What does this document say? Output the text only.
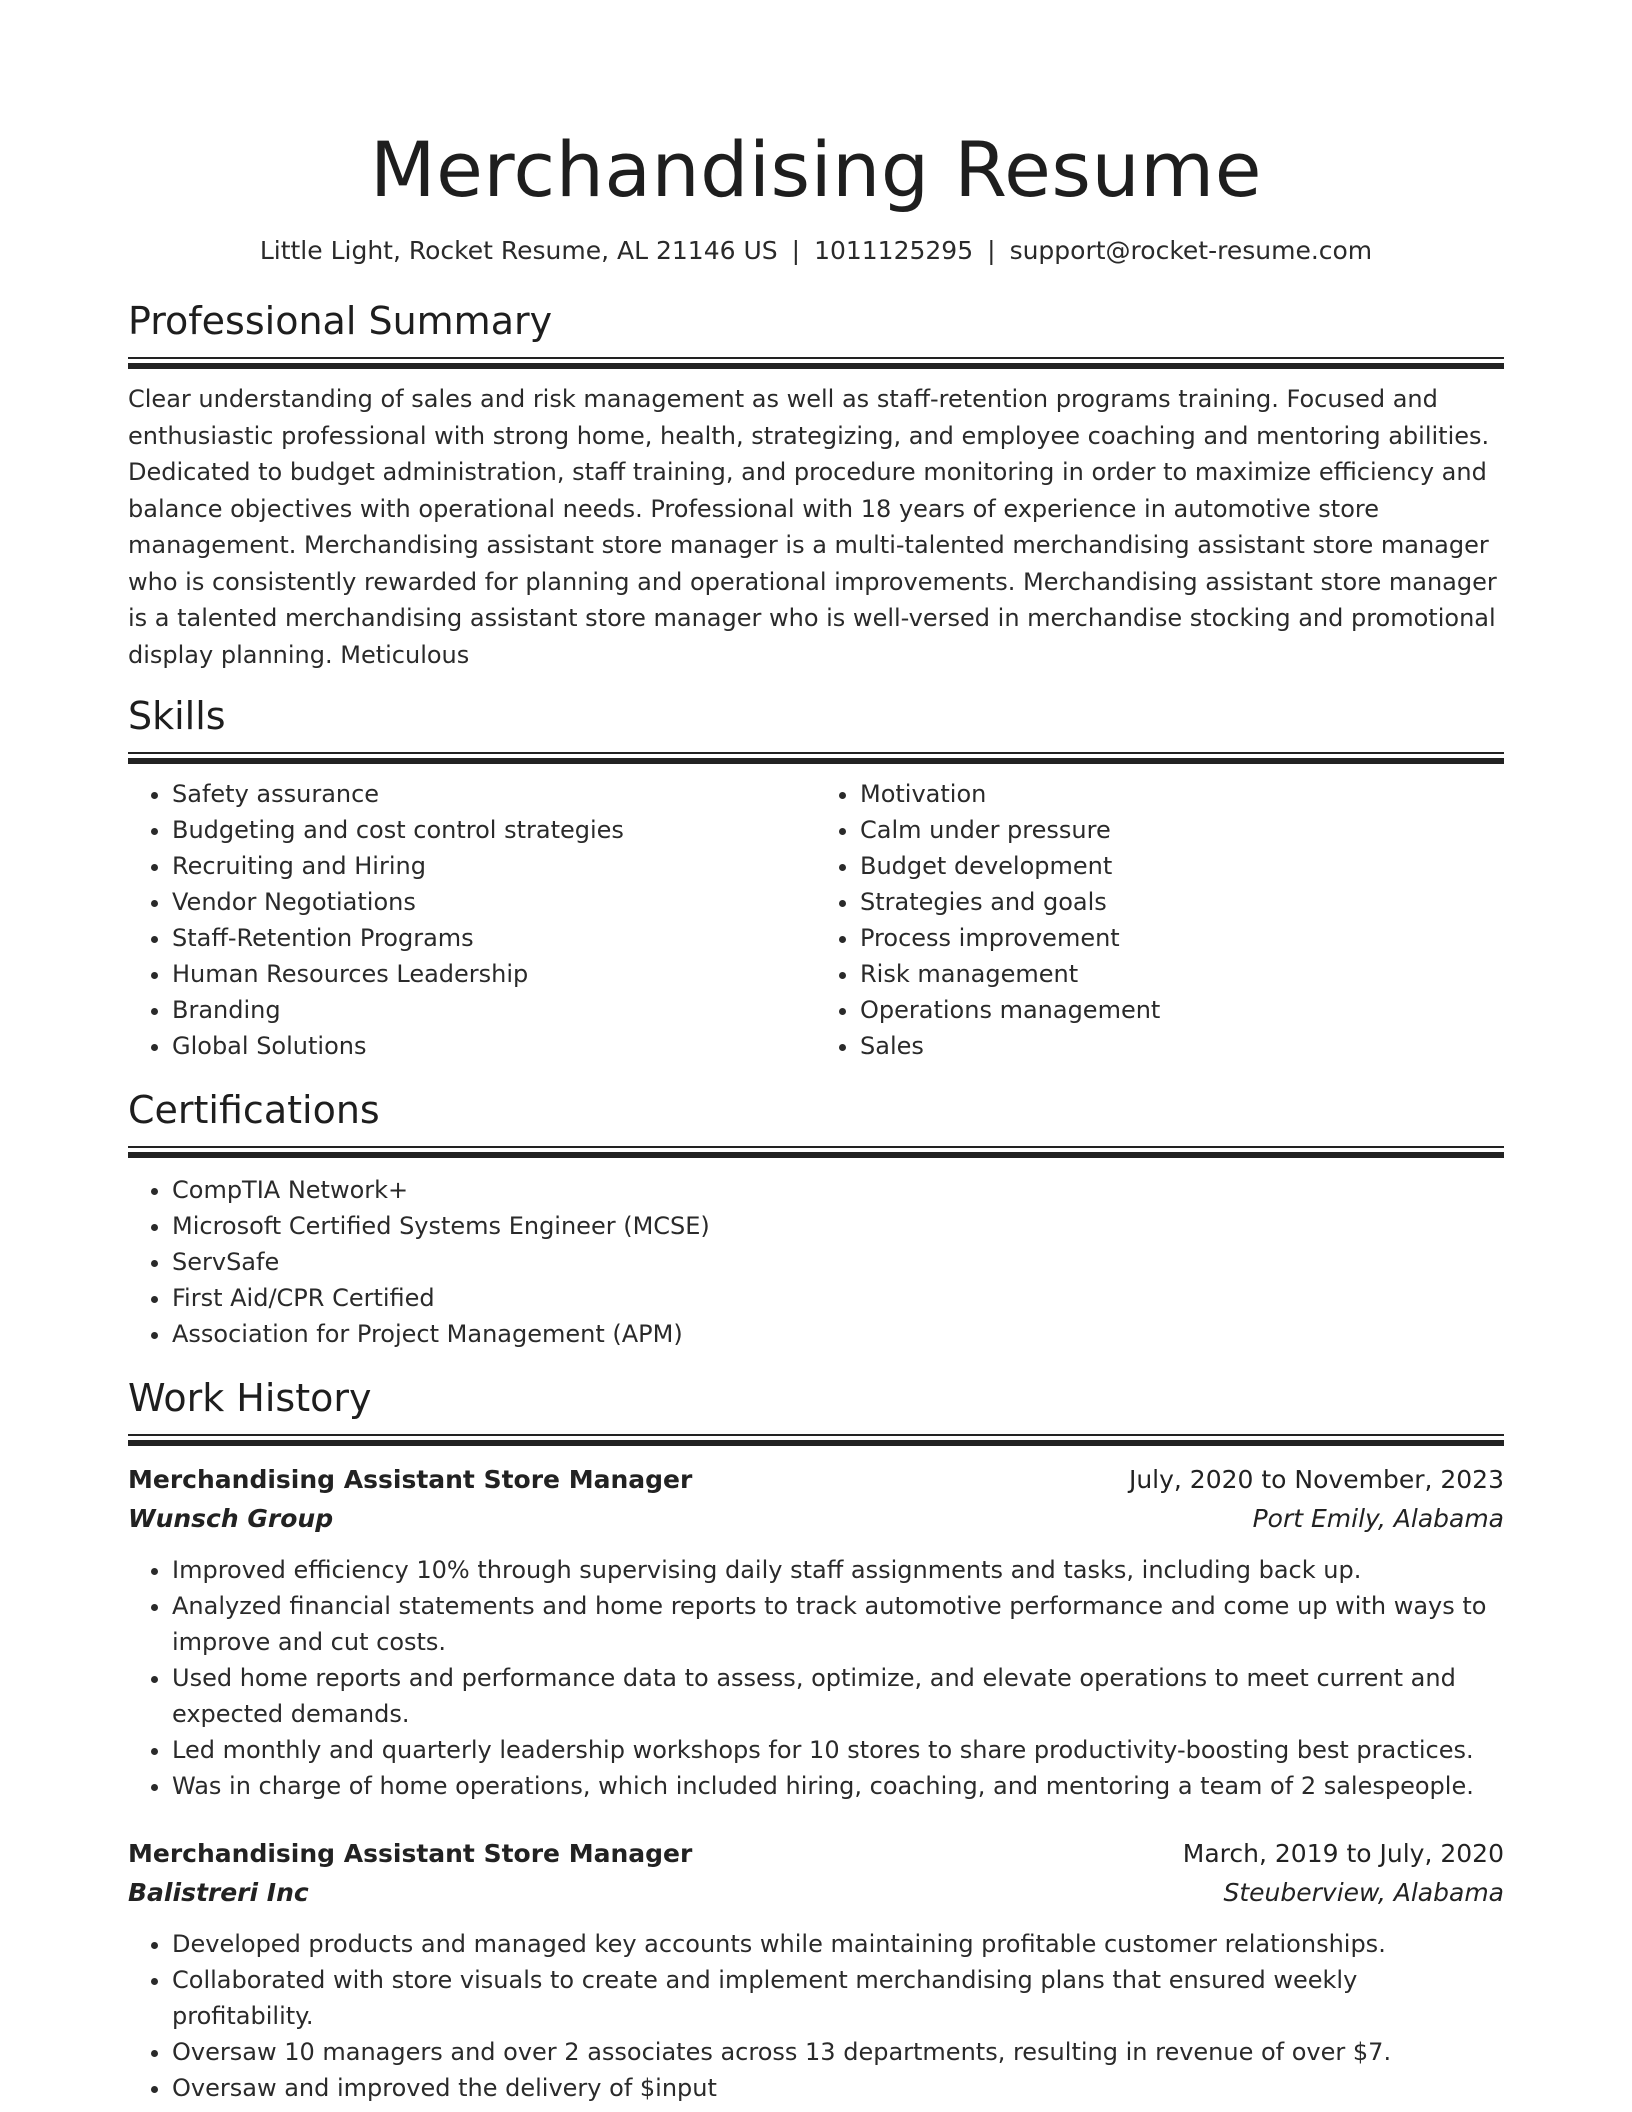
Merchandising Resume
Little Light, Rocket Resume, AL 21146 US | 1011125295 | support@rocket-resume.com
Professional Summary
Clear understanding of sales and risk management as well as staff-retention programs training. Focused and enthusiastic professional with strong home, health, strategizing, and employee coaching and mentoring abilities. Dedicated to budget administration, staff training, and procedure monitoring in order to maximize efficiency and balance objectives with operational needs. Professional with 18 years of experience in automotive store management. Merchandising assistant store manager is a multi-talented merchandising assistant store manager who is consistently rewarded for planning and operational improvements. Merchandising assistant store manager is a talented merchandising assistant store manager who is well-versed in merchandise stocking and promotional display planning. Meticulous
Skills
• Safety assurance
• Budgeting and cost control strategies
• Recruiting and Hiring
• Vendor Negotiations
• Staff-Retention Programs
• Human Resources Leadership
• Branding
• Global Solutions
• Motivation
• Calm under pressure
• Budget development
• Strategies and goals
• Process improvement
• Risk management
• Operations management
• Sales
Certifications
• CompTIA Network+
• Microsoft Certified Systems Engineer (MCSE)
• ServSafe
• First Aid/CPR Certified
• Association for Project Management (APM)
Work History
Merchandising Assistant Store Manager	July, 2020 to November, 2023
Wunsch Group	Port Emily, Alabama
• Improved efficiency 10% through supervising daily staff assignments and tasks, including back up.
• Analyzed financial statements and home reports to track automotive performance and come up with ways to improve and cut costs.
• Used home reports and performance data to assess, optimize, and elevate operations to meet current and expected demands.
• Led monthly and quarterly leadership workshops for 10 stores to share productivity-boosting best practices.
• Was in charge of home operations, which included hiring, coaching, and mentoring a team of 2 salespeople.
Merchandising Assistant Store Manager	March, 2019 to July, 2020
Balistreri Inc	Steuberview, Alabama
• Developed products and managed key accounts while maintaining profitable customer relationships.
• Collaborated with store visuals to create and implement merchandising plans that ensured weekly profitability.
• Oversaw 10 managers and over 2 associates across 13 departments, resulting in revenue of over $7.
• Oversaw and improved the delivery of $input
